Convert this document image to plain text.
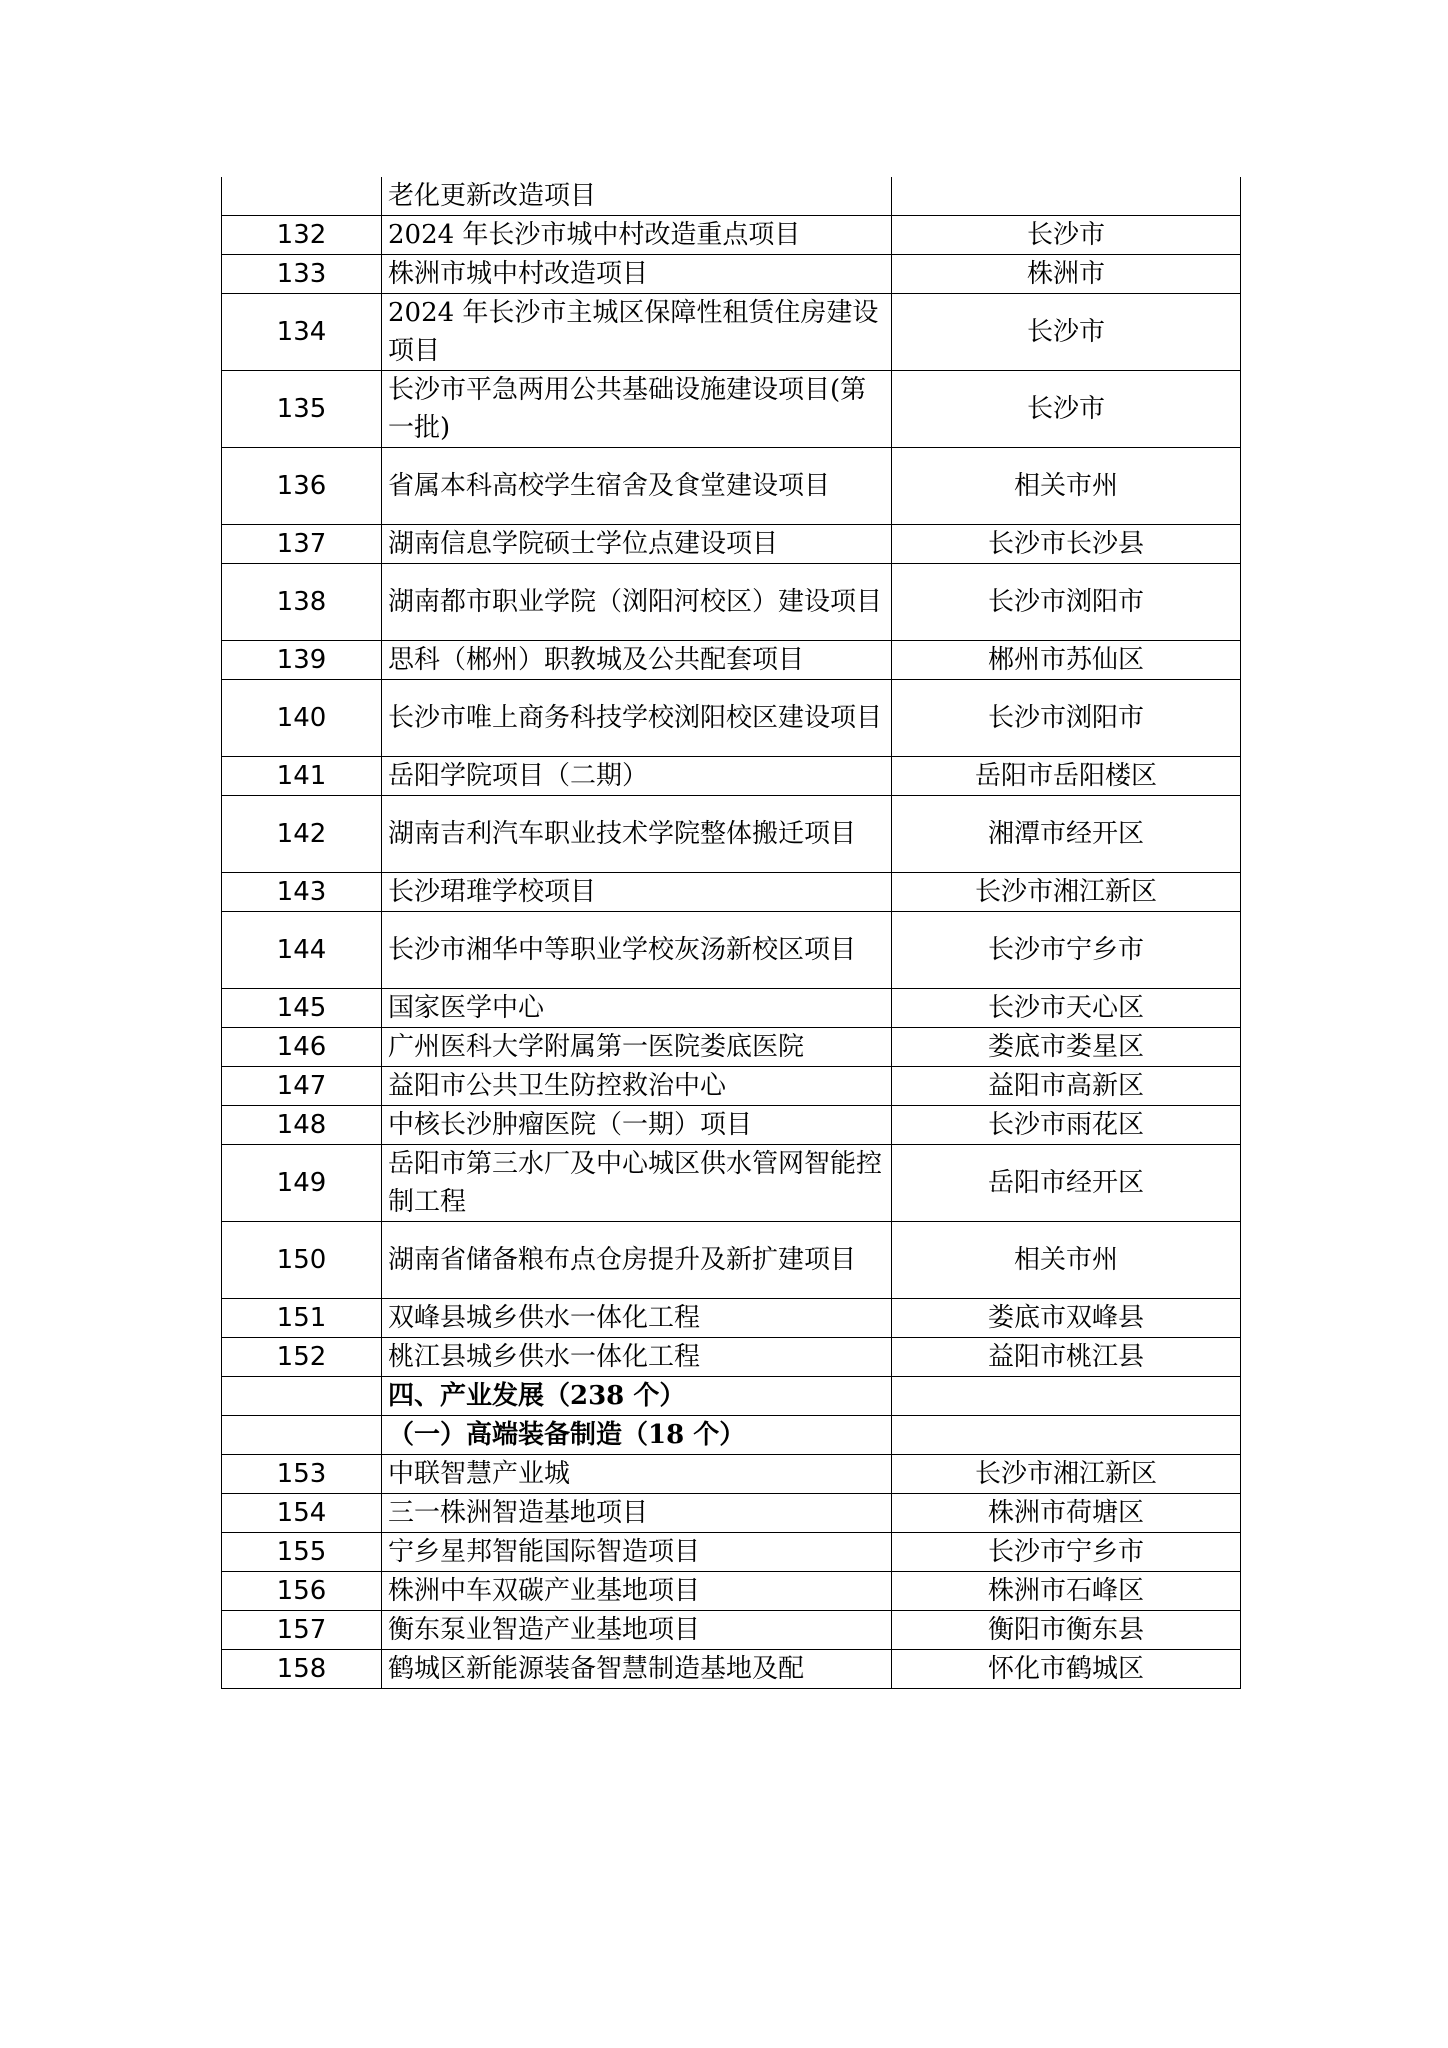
	老化更新改造项目	
132	2024 年长沙市城中村改造重点项目	长沙市
133	株洲市城中村改造项目	株洲市
134	2024 年长沙市主城区保障性租赁住房建设项目	长沙市
135	长沙市平急两用公共基础设施建设项目(第一批)	长沙市
136	省属本科高校学生宿舍及食堂建设项目	相关市州
137	湖南信息学院硕士学位点建设项目	长沙市长沙县
138	湖南都市职业学院（浏阳河校区）建设项目	长沙市浏阳市
139	思科（郴州）职教城及公共配套项目	郴州市苏仙区
140	长沙市唯上商务科技学校浏阳校区建设项目	长沙市浏阳市
141	岳阳学院项目（二期）	岳阳市岳阳楼区
142	湖南吉利汽车职业技术学院整体搬迁项目	湘潭市经开区
143	长沙珺琟学校项目	长沙市湘江新区
144	长沙市湘华中等职业学校灰汤新校区项目	长沙市宁乡市
145	国家医学中心	长沙市天心区
146	广州医科大学附属第一医院娄底医院	娄底市娄星区
147	益阳市公共卫生防控救治中心	益阳市高新区
148	中核长沙肿瘤医院（一期）项目	长沙市雨花区
149	岳阳市第三水厂及中心城区供水管网智能控制工程	岳阳市经开区
150	湖南省储备粮布点仓房提升及新扩建项目	相关市州
151	双峰县城乡供水一体化工程	娄底市双峰县
152	桃江县城乡供水一体化工程	益阳市桃江县
	四、产业发展（238 个）	
	（一）高端装备制造（18 个）	
153	中联智慧产业城	长沙市湘江新区
154	三一株洲智造基地项目	株洲市荷塘区
155	宁乡星邦智能国际智造项目	长沙市宁乡市
156	株洲中车双碳产业基地项目	株洲市石峰区
157	衡东泵业智造产业基地项目	衡阳市衡东县
158	鹤城区新能源装备智慧制造基地及配	怀化市鹤城区
